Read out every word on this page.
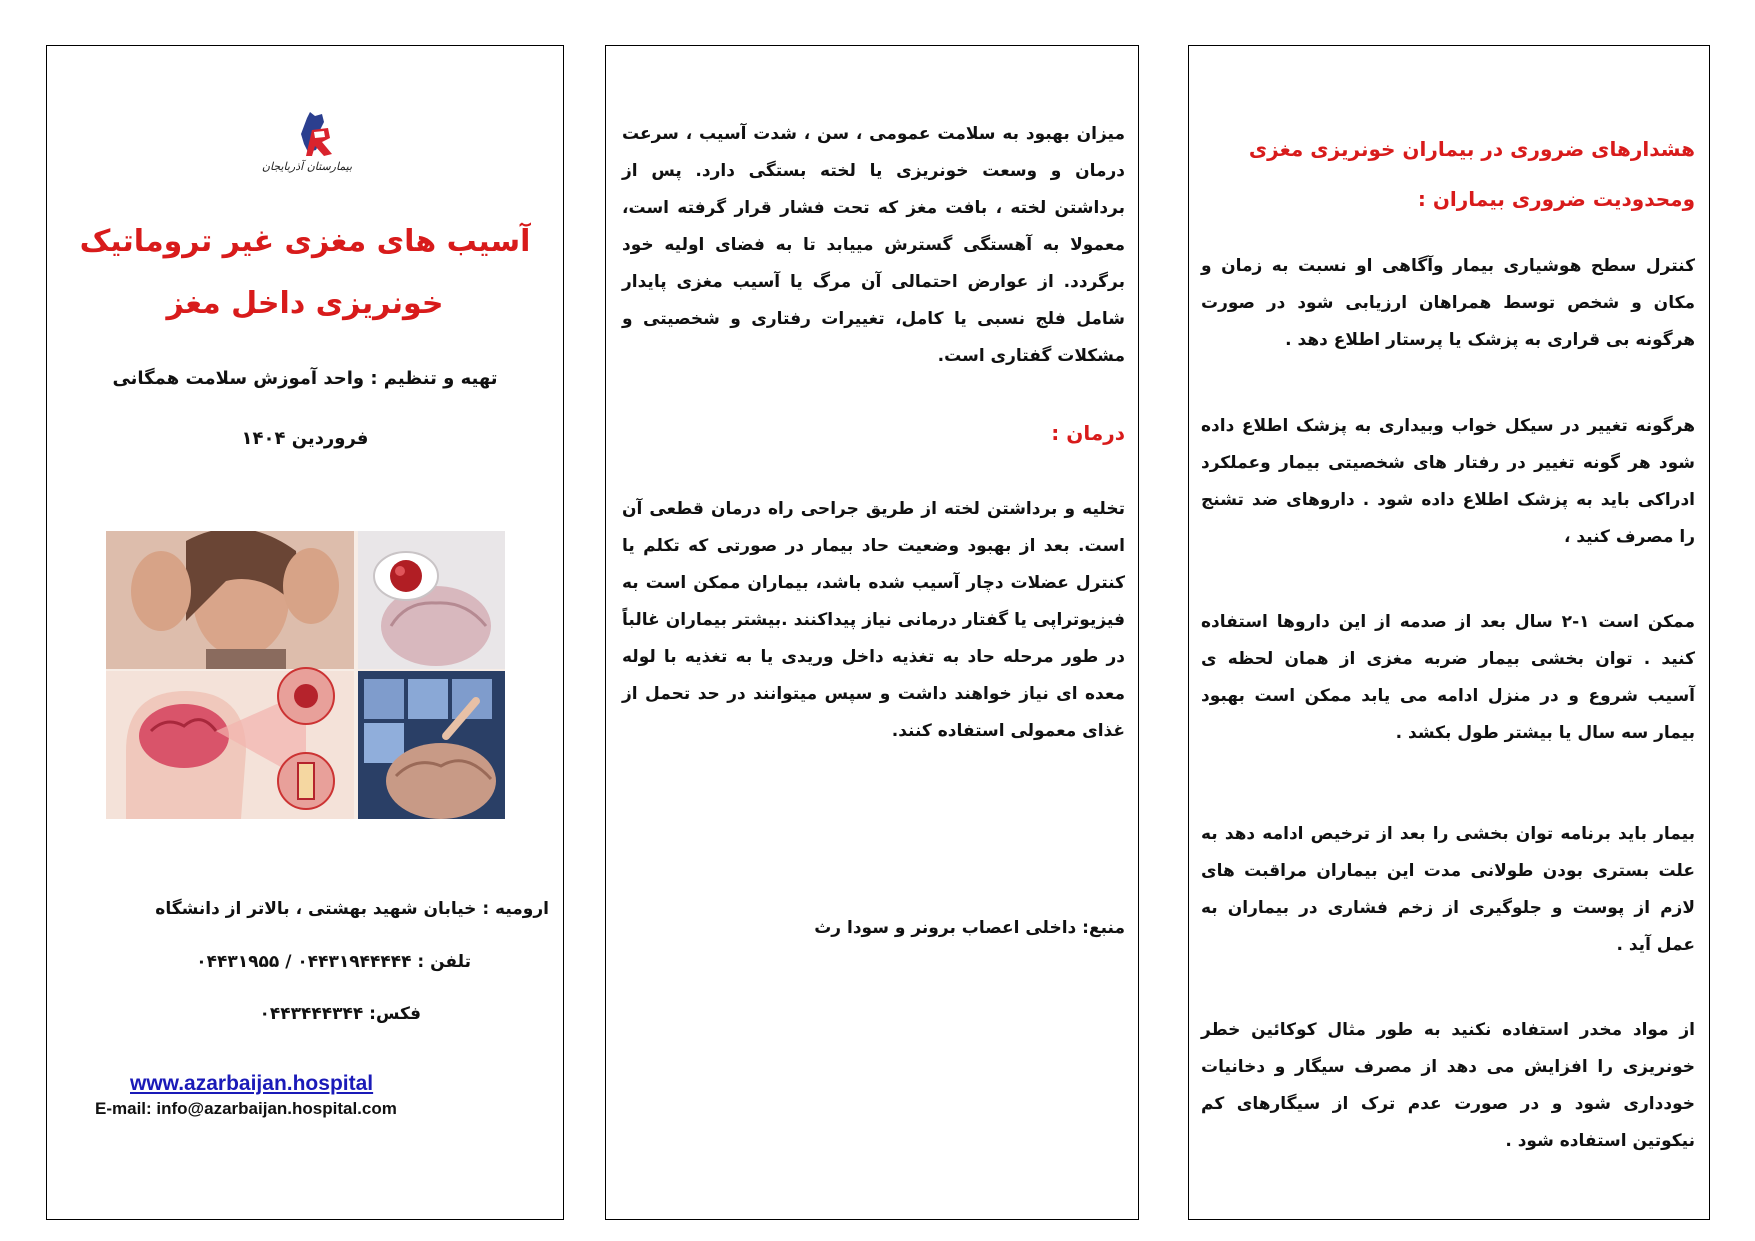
بیمارستان آذربایجان
آسیب های مغزی غیر تروماتیک
خونریزی داخل مغز
تهیه و تنظیم : واحد آموزش سلامت همگانی
فروردین ۱۴۰۴
ارومیه : خیابان شهید بهشتی ، بالاتر از دانشگاه
تلفن : ۰۴۴۳۱۹۴۴۴۴۴ / ۰۴۴۳۱۹۵۵
فکس: ۰۴۴۳۴۴۴۳۴۴
www.azarbaijan.hospital
E-mail: info@azarbaijan.hospital.com

میزان بهبود به سلامت عمومی ، سن ، شدت آسیب ، سرعت درمان و وسعت خونریزی یا لخته بستگی دارد. پس از برداشتن لخته ، بافت مغز که تحت فشار قرار گرفته است، معمولا به آهستگی گسترش مییابد تا به فضای اولیه خود برگردد. از عوارض احتمالی آن مرگ یا آسیب مغزی پایدار شامل فلج نسبی یا کامل، تغییرات رفتاری و شخصیتی و مشکلات گفتاری است.

درمان :

تخلیه و برداشتن لخته از طریق جراحی راه درمان قطعی آن است. بعد از بهبود وضعیت حاد بیمار در صورتی که تکلم یا کنترل عضلات دچار آسیب شده باشد، بیماران ممکن است به فیزیوتراپی یا گفتار درمانی نیاز پیداکنند .بیشتر بیماران غالباً در طور مرحله حاد به تغذیه داخل وریدی یا به تغذیه با لوله معده ای نیاز خواهند داشت و سپس میتوانند در حد تحمل از غذای معمولی استفاده کنند.

منبع: داخلی اعصاب برونر و سودا رث
هشدارهای ضروری در بیماران خونریزی مغزی
ومحدودیت ضروری بیماران :

کنترل سطح هوشیاری بیمار وآگاهی او نسبت به زمان و مکان و شخص توسط همراهان ارزیابی شود در صورت هرگونه بی قراری به پزشک یا پرستار اطلاع دهد .

هرگونه تغییر در سیکل خواب وبیداری به پزشک اطلاع داده شود هر گونه تغییر در رفتار های شخصیتی بیمار وعملکرد ادراکی باید به پزشک اطلاع داده شود . داروهای ضد تشنج را مصرف کنید ،

ممکن است ۱-۲ سال بعد از صدمه از این داروها استفاده کنید . توان بخشی بیمار ضربه مغزی از همان لحظه ی آسیب شروع و در منزل ادامه می یابد ممکن است بهبود بیمار سه سال یا بیشتر طول بکشد .

بیمار باید برنامه توان بخشی را بعد از ترخیص ادامه دهد به علت بستری بودن طولانی مدت این بیماران مراقبت های لازم از پوست و جلوگیری از زخم فشاری در بیماران به عمل آید .

از مواد مخدر استفاده نکنید به طور مثال کوکائین خطر خونریزی را افزایش می دهد از مصرف سیگار و دخانیات خودداری شود و در صورت عدم ترک از سیگارهای کم نیکوتین استفاده شود .
